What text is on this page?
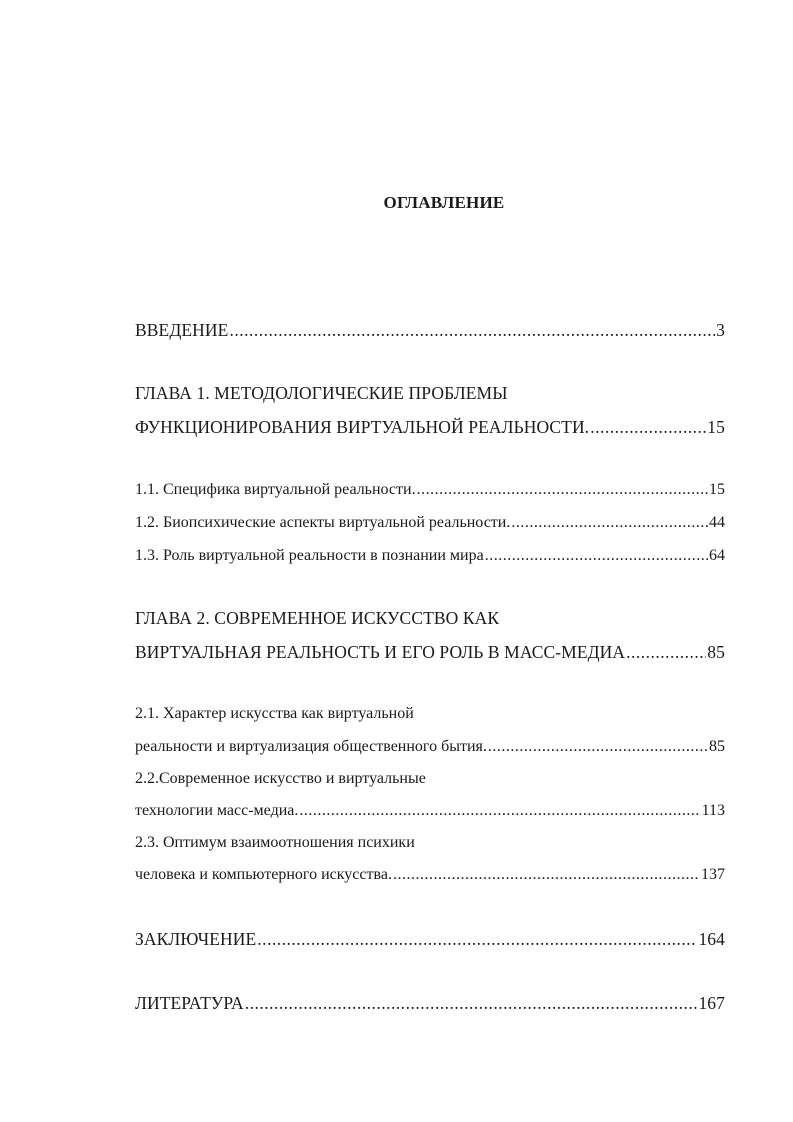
ОГЛАВЛЕНИЕ
ВВЕДЕНИЕ .....	3
ГЛАВА 1. МЕТОДОЛОГИЧЕСКИЕ ПРОБЛЕМЫ
ФУНКЦИОНИРОВАНИЯ ВИРТУАЛЬНОЙ РЕАЛЬНОСТИ. .....	15
1.1. Специфика виртуальной реальности. .....	15
1.2. Биопсихические аспекты виртуальной реальности. .....	44
1.3. Роль виртуальной реальности в познании мира .....	64
ГЛАВА 2. СОВРЕМЕННОЕ ИСКУССТВО КАК
ВИРТУАЛЬНАЯ РЕАЛЬНОСТЬ И ЕГО РОЛЬ В МАСС-МЕДИА .....	85
2.1. Характер искусства как виртуальной
реальности и виртуализация общественного бытия. .....	85
2.2.Современное искусство и виртуальные
технологии масс-медиа. .....	113
2.3. Оптимум взаимоотношения психики
человека и компьютерного искусства. .....	137
ЗАКЛЮЧЕНИЕ .....	164
ЛИТЕРАТУРА .....	167
